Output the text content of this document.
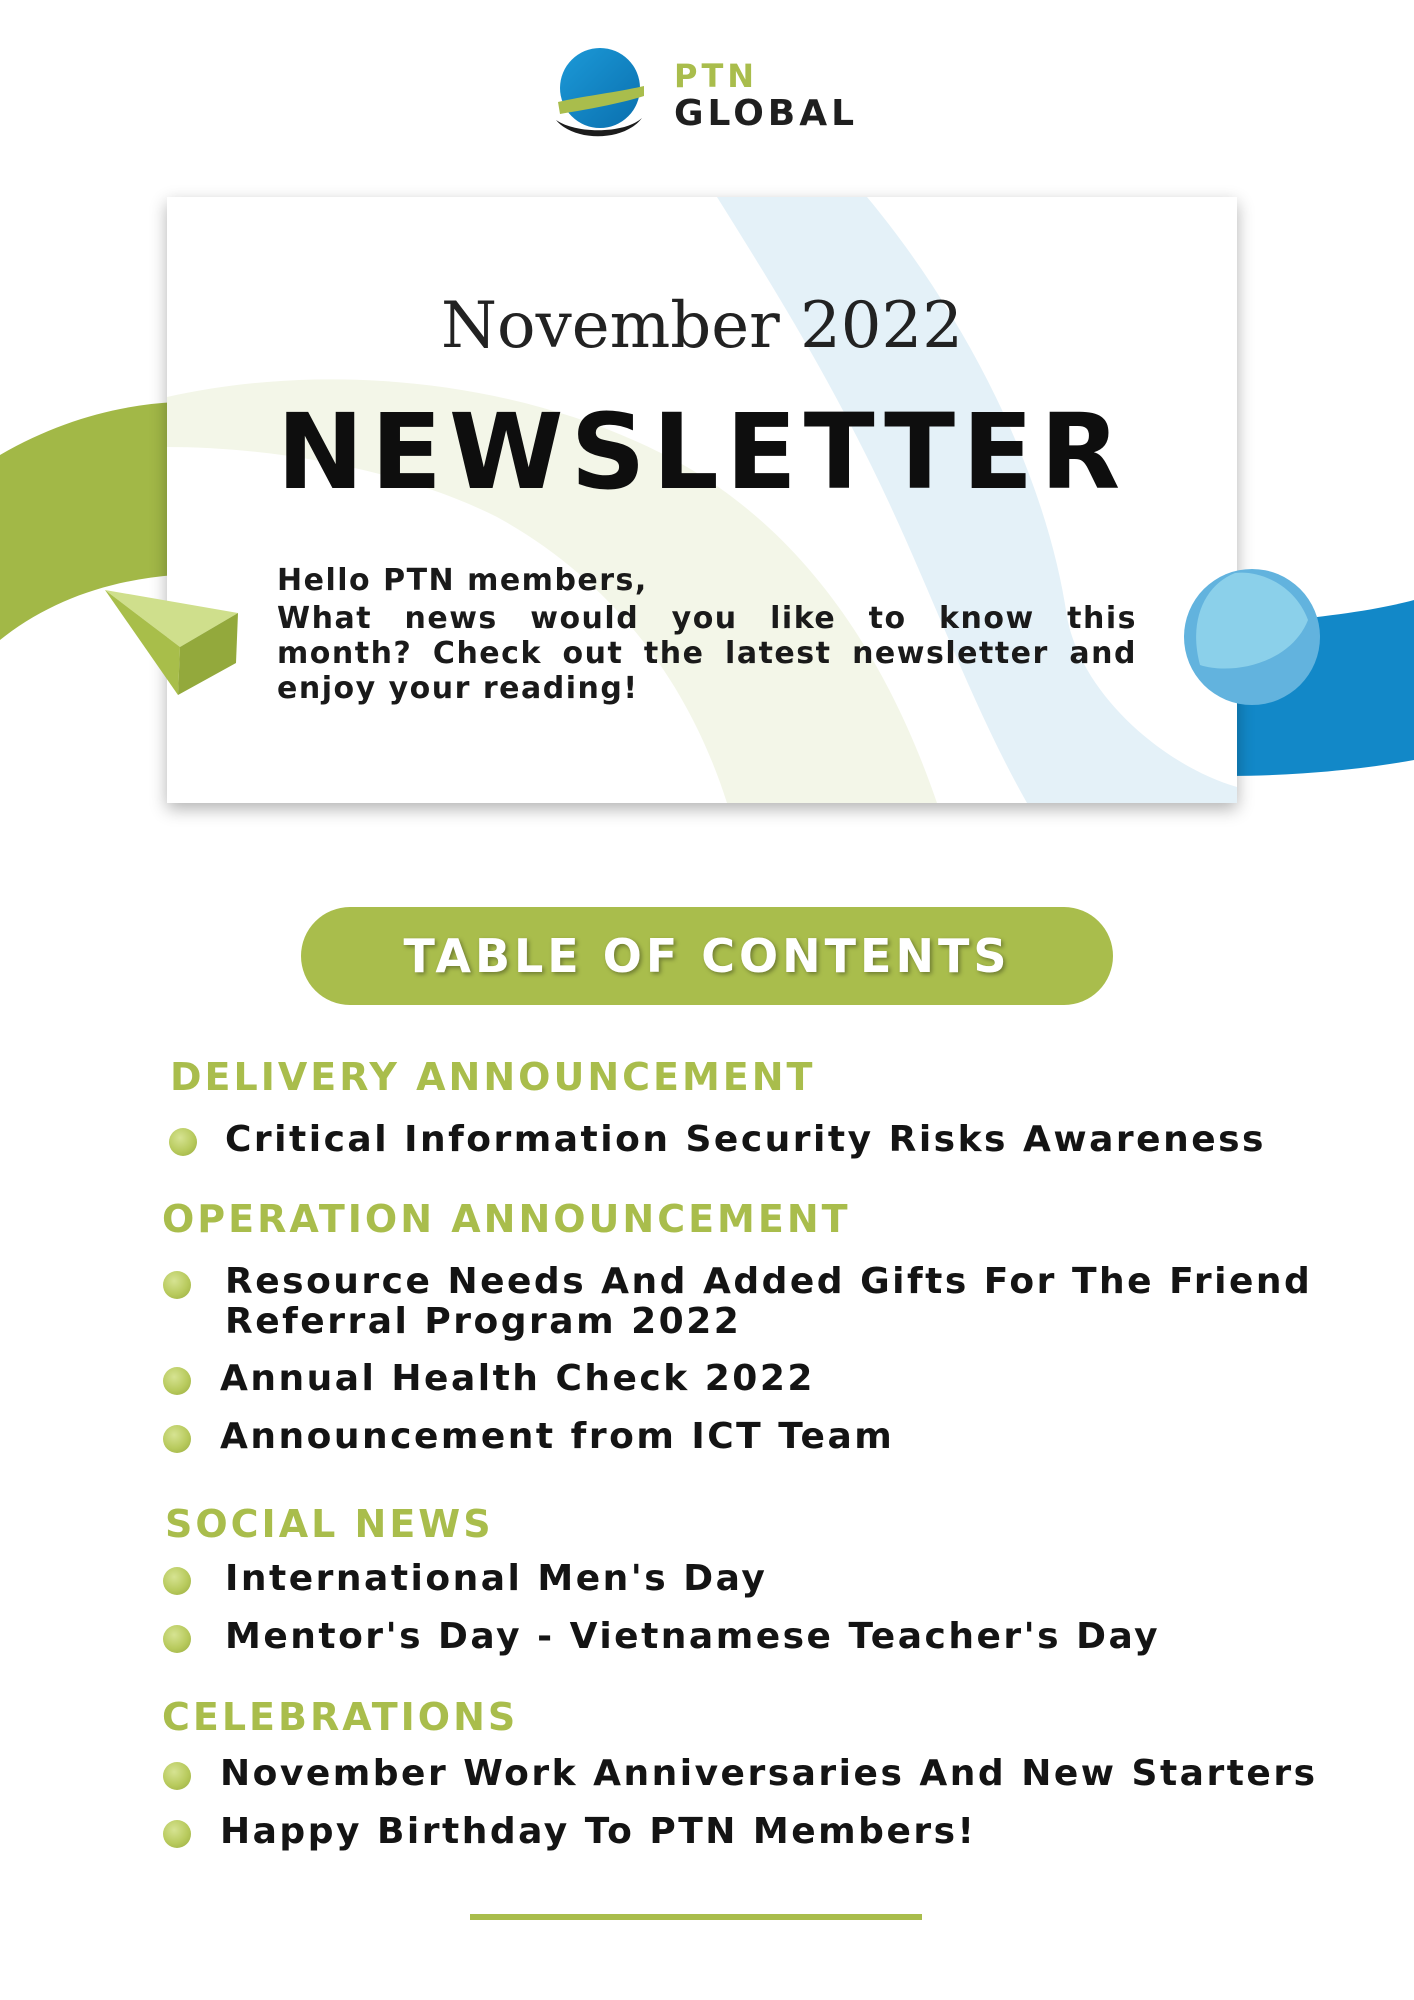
November 2022
NEWSLETTER
Hello PTN members,
What news would you like to know this month? Check out the latest newsletter and enjoy your reading!
PTN
GLOBAL
TABLE OF CONTENTS
DELIVERY ANNOUNCEMENT
Critical Information Security Risks Awareness
OPERATION ANNOUNCEMENT
Resource Needs And Added Gifts For The Friend
Referral Program 2022
Annual Health Check 2022
Announcement from ICT Team
SOCIAL NEWS
International Men's Day
Mentor's Day - Vietnamese Teacher's Day
CELEBRATIONS
November Work Anniversaries And New Starters
Happy Birthday To PTN Members!
